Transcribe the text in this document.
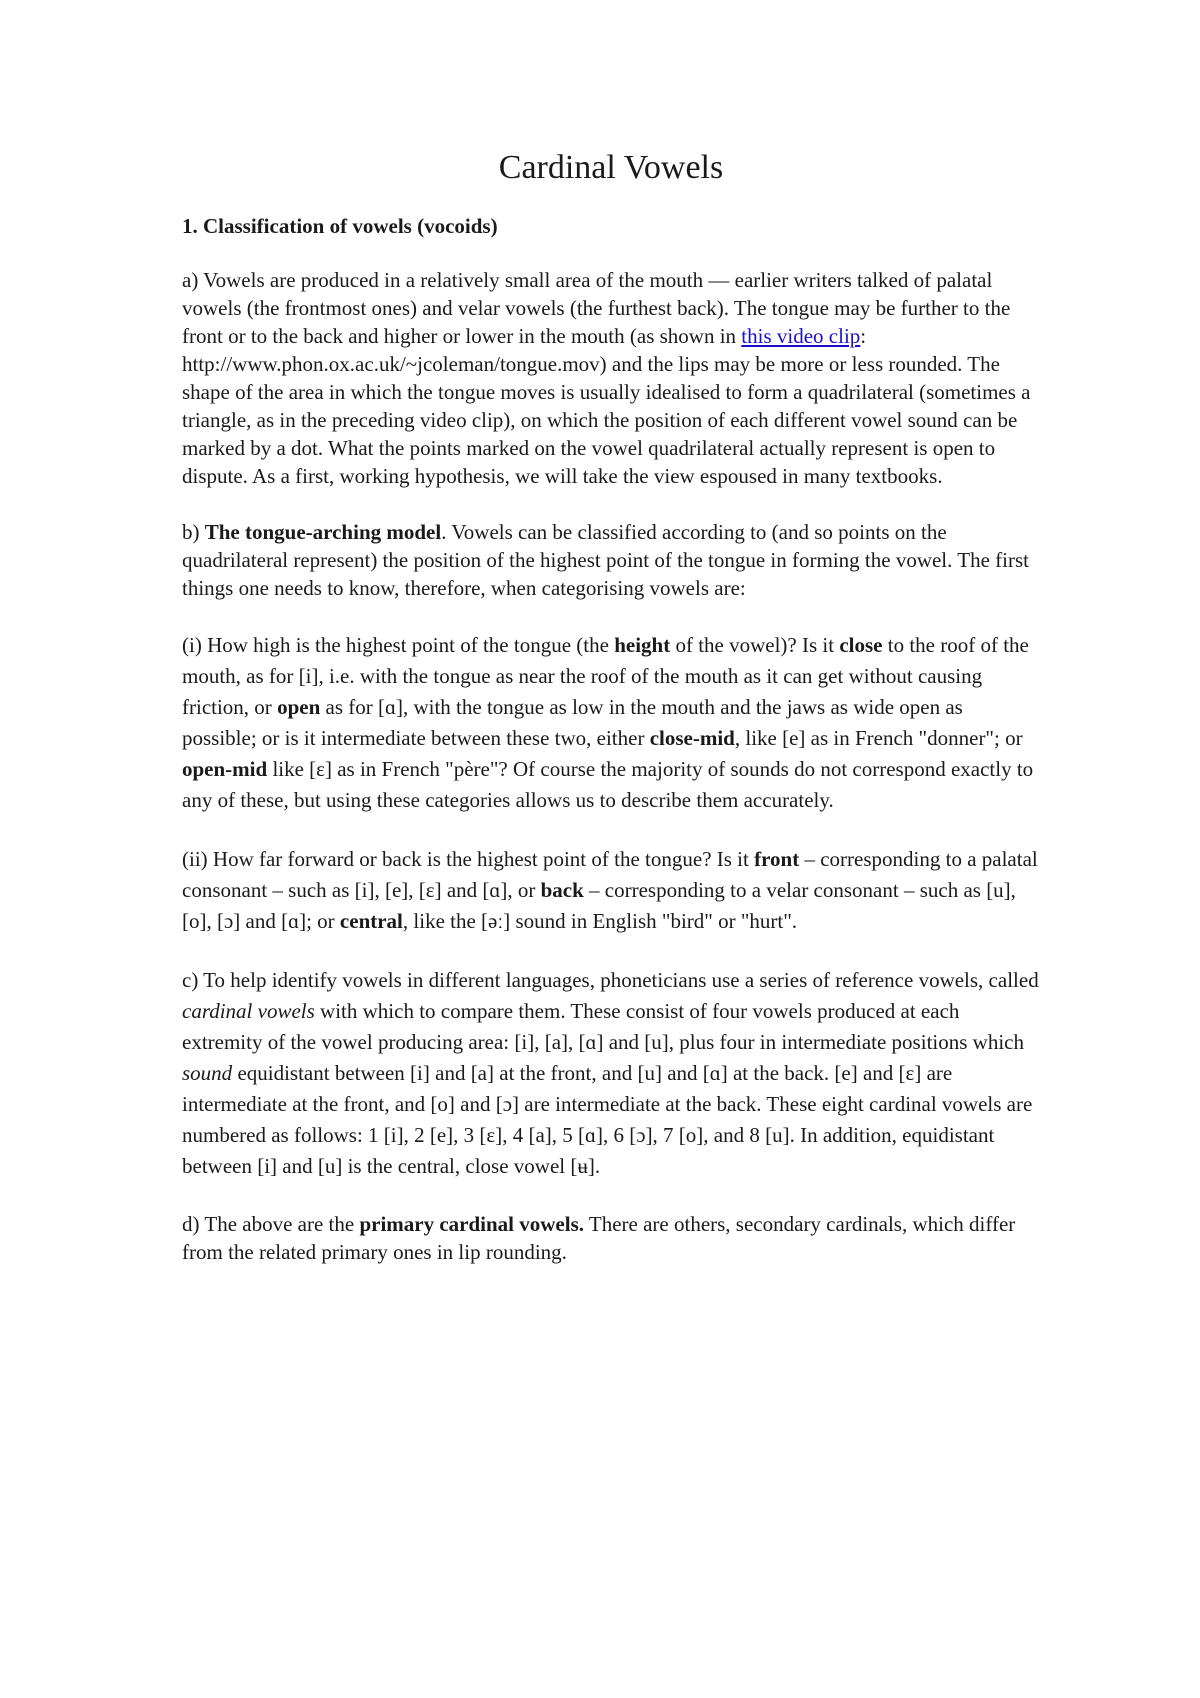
Cardinal Vowels
1. Classification of vowels (vocoids)

a) Vowels are produced in a relatively small area of the mouth — earlier writers talked of palatal vowels (the frontmost ones) and velar vowels (the furthest back). The tongue may be further to the front or to the back and higher or lower in the mouth (as shown in this video clip: http://www.phon.ox.ac.uk/~jcoleman/tongue.mov) and the lips may be more or less rounded. The shape of the area in which the tongue moves is usually idealised to form a quadrilateral (sometimes a triangle, as in the preceding video clip), on which the position of each different vowel sound can be marked by a dot. What the points marked on the vowel quadrilateral actually represent is open to dispute. As a first, working hypothesis, we will take the view espoused in many textbooks.

b) The tongue-arching model. Vowels can be classified according to (and so points on the quadrilateral represent) the position of the highest point of the tongue in forming the vowel. The first things one needs to know, therefore, when categorising vowels are:

(i) How high is the highest point of the tongue (the height of the vowel)? Is it close to the roof of the mouth, as for [i], i.e. with the tongue as near the roof of the mouth as it can get without causing friction, or open as for [ɑ], with the tongue as low in the mouth and the jaws as wide open as possible; or is it intermediate between these two, either close-mid, like [e] as in French "donner"; or open-mid like [ɛ] as in French "père"? Of course the majority of sounds do not correspond exactly to any of these, but using these categories allows us to describe them accurately.

(ii) How far forward or back is the highest point of the tongue? Is it front – corresponding to a palatal consonant – such as [i], [e], [ɛ] and [ɑ], or back – corresponding to a velar consonant – such as [u], [o], [ɔ] and [ɑ]; or central, like the [əː] sound in English "bird" or "hurt".

c) To help identify vowels in different languages, phoneticians use a series of reference vowels, called cardinal vowels with which to compare them. These consist of four vowels produced at each extremity of the vowel producing area: [i], [a], [ɑ] and [u], plus four in intermediate positions which sound equidistant between [i] and [a] at the front, and [u] and [ɑ] at the back. [e] and [ɛ] are intermediate at the front, and [o] and [ɔ] are intermediate at the back. These eight cardinal vowels are numbered as follows: 1 [i], 2 [e], 3 [ɛ], 4 [a], 5 [ɑ], 6 [ɔ], 7 [o], and 8 [u]. In addition, equidistant between [i] and [u] is the central, close vowel [ʉ].

d) The above are the primary cardinal vowels. There are others, secondary cardinals, which differ from the related primary ones in lip rounding.
